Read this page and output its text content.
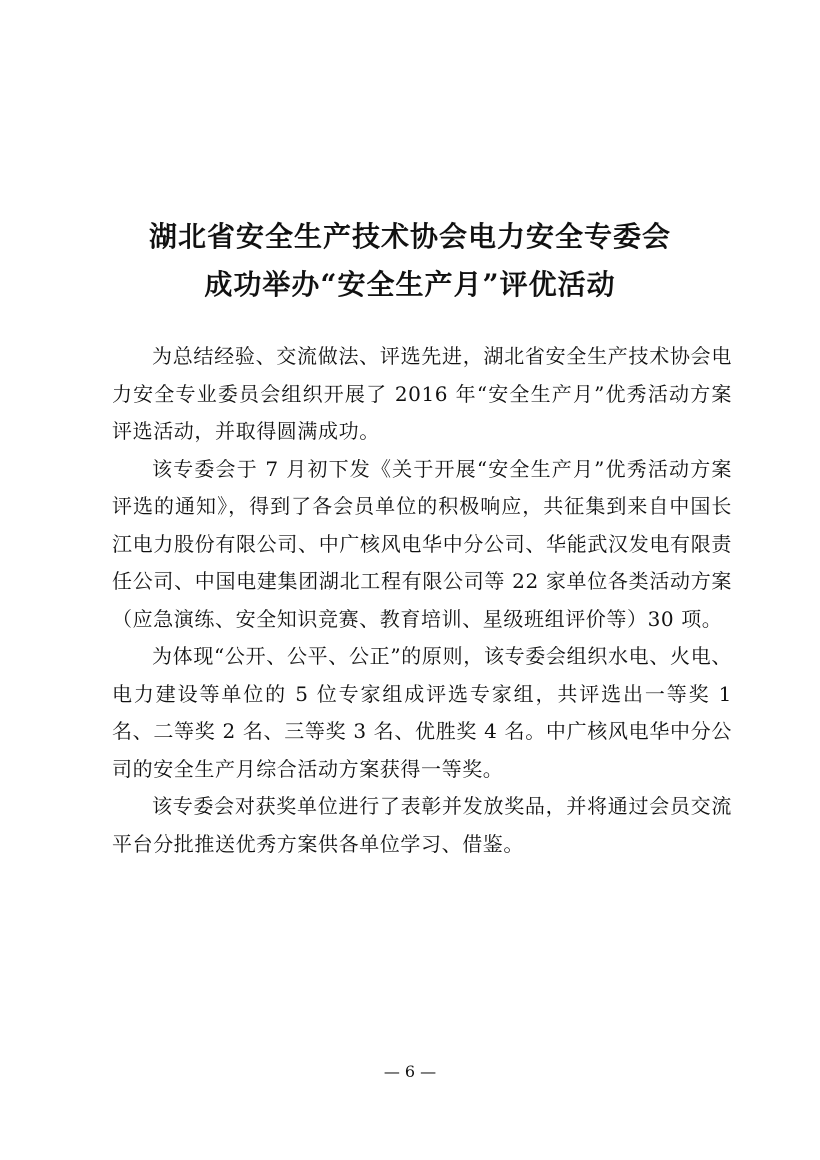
湖北省安全生产技术协会电力安全专委会
成功举办“安全生产月”评优活动

为总结经验、交流做法、评选先进，湖北省安全生产技术协会电力安全专业委员会组织开展了 2016 年“安全生产月”优秀活动方案评选活动，并取得圆满成功。

该专委会于 7 月初下发《关于开展“安全生产月”优秀活动方案评选的通知》，得到了各会员单位的积极响应，共征集到来自中国长江电力股份有限公司、中广核风电华中分公司、华能武汉发电有限责任公司、中国电建集团湖北工程有限公司等 22 家单位各类活动方案（应急演练、安全知识竞赛、教育培训、星级班组评价等）30 项。

为体现“公开、公平、公正”的原则，该专委会组织水电、火电、电力建设等单位的 5 位专家组成评选专家组，共评选出一等奖 1 名、二等奖 2 名、三等奖 3 名、优胜奖 4 名。中广核风电华中分公司的安全生产月综合活动方案获得一等奖。

该专委会对获奖单位进行了表彰并发放奖品，并将通过会员交流平台分批推送优秀方案供各单位学习、借鉴。

— 6 —
